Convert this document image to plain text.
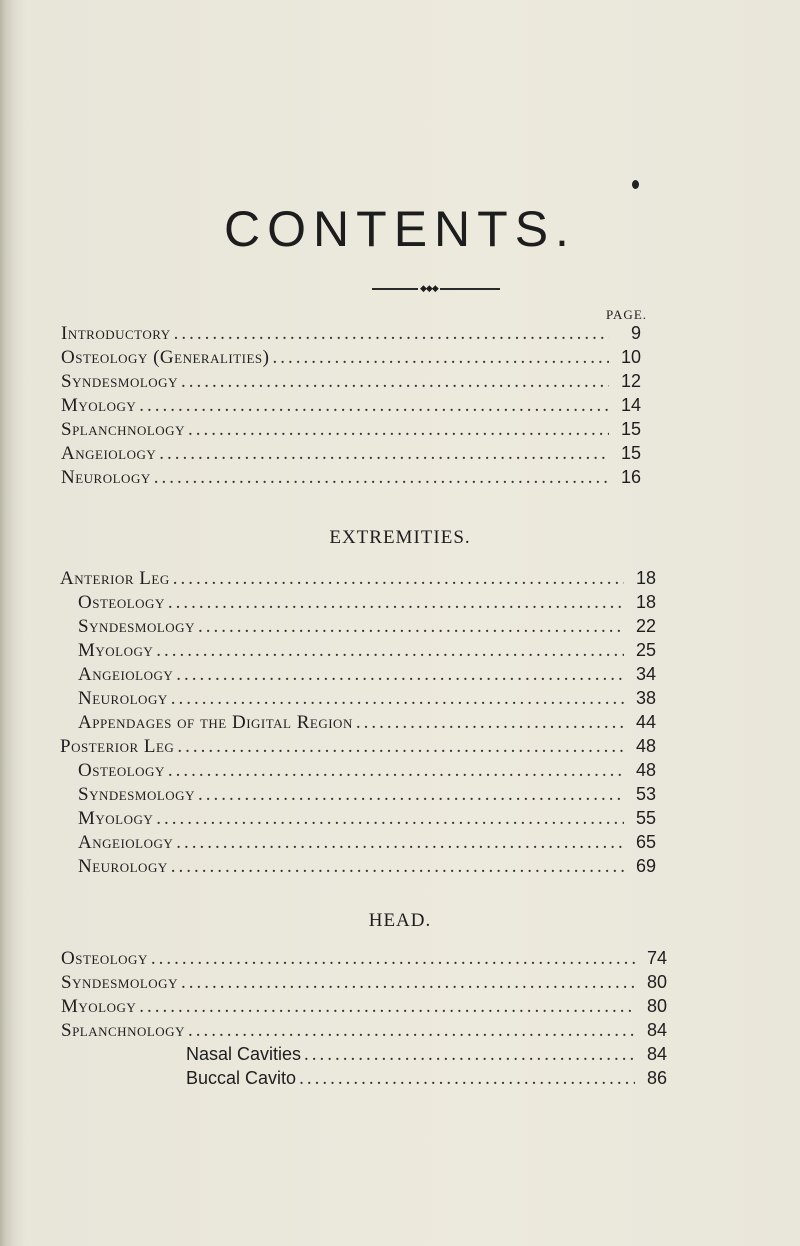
CONTENTS.
◆◆◆
PAGE.
Introductory .....	9
Osteology (Generalities) .....	10
Syndesmology .....	12
Myology .....	14
Splanchnology .....	15
Angeiology .....	15
Neurology .....	16
EXTREMITIES.
Anterior Leg .....	18
Osteology .....	18
Syndesmology .....	22
Myology .....	25
Angeiology .....	34
Neurology .....	38
Appendages of the Digital Region .....	44
Posterior Leg .....	48
Osteology .....	48
Syndesmology .....	53
Myology .....	55
Angeiology .....	65
Neurology .....	69
HEAD.
Osteology .....	74
Syndesmology .....	80
Myology .....	80
Splanchnology .....	84
Nasal Cavities .....	84
Buccal Cavito .....	86
